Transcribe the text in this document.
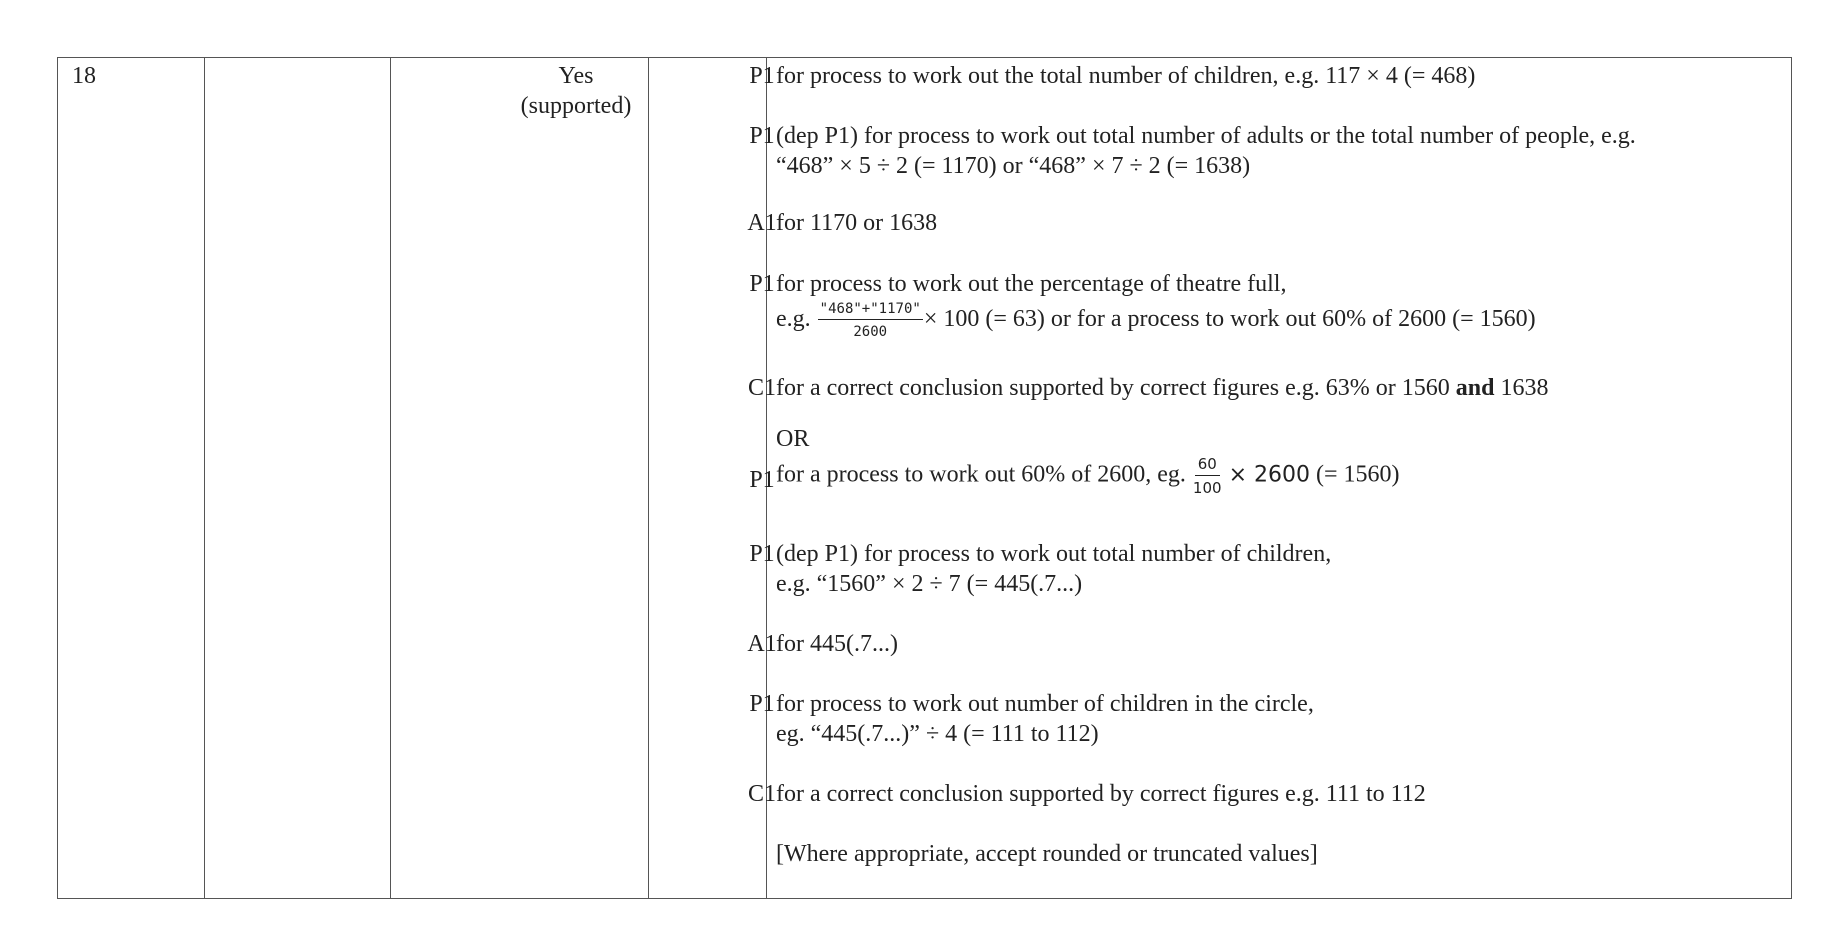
18	Yes
(supported)
P1
P1
A1
P1
C1
P1
P1
A1
P1
C1
for process to work out the total number of children, e.g. 117 × 4 (= 468)
(dep P1) for process to work out total number of adults or the total number of people, e.g.
“468” × 5 ÷ 2 (= 1170) or “468” × 7 ÷ 2 (= 1638)
for 1170 or 1638
for process to work out the percentage of theatre full,
e.g. $\frac{"468"+"1170"}{2600} \times 100$ (= 63) or for a process to work out 60% of 2600 (= 1560)
for a correct conclusion supported by correct figures e.g. 63% or 1560 and 1638
OR
for a process to work out 60% of 2600, eg. $\frac{60}{100} \times 2600$ (= 1560)
(dep P1) for process to work out total number of children,
e.g. “1560” × 2 ÷ 7 (= 445(.7...)
for 445(.7...)
for process to work out number of children in the circle,
eg. “445(.7...)” ÷ 4 (= 111 to 112)
for a correct conclusion supported by correct figures e.g. 111 to 112
[Where appropriate, accept rounded or truncated values]
